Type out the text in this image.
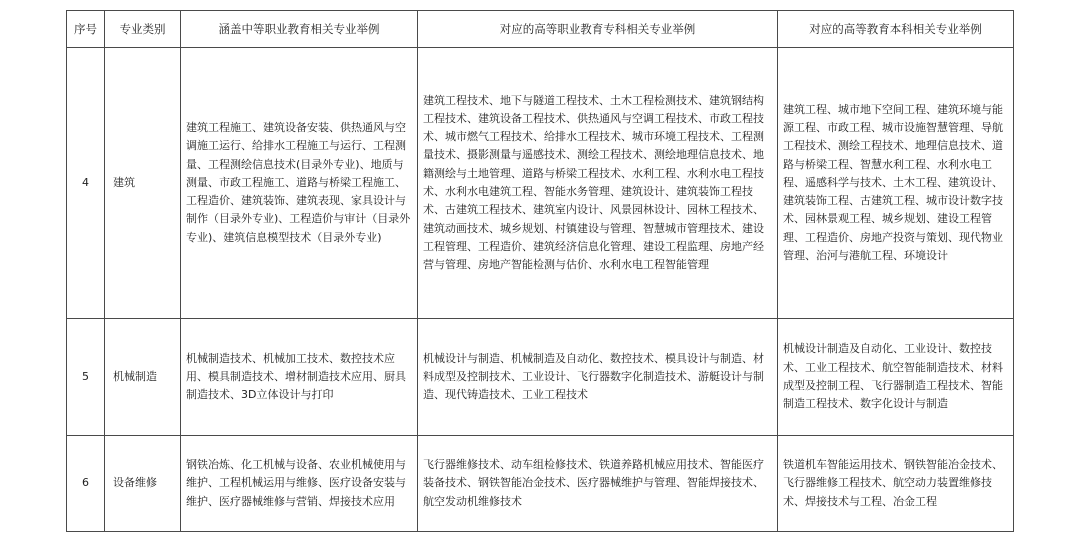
序号	专业类别	涵盖中等职业教育相关专业举例	对应的高等职业教育专科相关专业举例	对应的高等教育本科相关专业举例
4	建筑	建筑工程施工、建筑设备安装、供热通风与空调施工运行、给排水工程施工与运行、工程测量、工程测绘信息技术(目录外专业)、地质与测量、市政工程施工、道路与桥梁工程施工、工程造价、建筑装饰、建筑表现、家具设计与制作（目录外专业)、工程造价与审计（目录外专业)、建筑信息模型技术（目录外专业)	建筑工程技术、地下与隧道工程技术、土木工程检测技术、建筑钢结构工程技术、建筑设备工程技术、供热通风与空调工程技术、市政工程技术、城市燃气工程技术、给排水工程技术、城市环境工程技术、工程测量技术、摄影测量与遥感技术、测绘工程技术、测绘地理信息技术、地籍测绘与土地管理、道路与桥梁工程技术、水利工程、水利水电工程技术、水利水电建筑工程、智能水务管理、建筑设计、建筑装饰工程技术、古建筑工程技术、建筑室内设计、风景园林设计、园林工程技术、建筑动画技术、城乡规划、村镇建设与管理、智慧城市管理技术、建设工程管理、工程造价、建筑经济信息化管理、建设工程监理、房地产经营与管理、房地产智能检测与估价、水利水电工程智能管理	建筑工程、城市地下空间工程、建筑环境与能源工程、市政工程、城市设施智慧管理、导航工程技术、测绘工程技术、地理信息技术、道路与桥梁工程、智慧水利工程、水利水电工程、遥感科学与技术、土木工程、建筑设计、建筑装饰工程、古建筑工程、城市设计数字技术、园林景观工程、城乡规划、建设工程管理、工程造价、房地产投资与策划、现代物业管理、治河与港航工程、环境设计
5	机械制造	机械制造技术、机械加工技术、数控技术应用、模具制造技术、增材制造技术应用、厨具制造技术、3D立体设计与打印	机械设计与制造、机械制造及自动化、数控技术、模具设计与制造、材料成型及控制技术、工业设计、飞行器数字化制造技术、游艇设计与制造、现代铸造技术、工业工程技术	机械设计制造及自动化、工业设计、数控技术、工业工程技术、航空智能制造技术、材料成型及控制工程、飞行器制造工程技术、智能制造工程技术、数字化设计与制造
6	设备维修	钢铁冶炼、化工机械与设备、农业机械使用与维护、工程机械运用与维修、医疗设备安装与维护、医疗器械维修与营销、焊接技术应用	飞行器维修技术、动车组检修技术、铁道养路机械应用技术、智能医疗装备技术、钢铁智能冶金技术、医疗器械维护与管理、智能焊接技术、航空发动机维修技术	铁道机车智能运用技术、钢铁智能冶金技术、飞行器维修工程技术、航空动力装置维修技术、焊接技术与工程、冶金工程
